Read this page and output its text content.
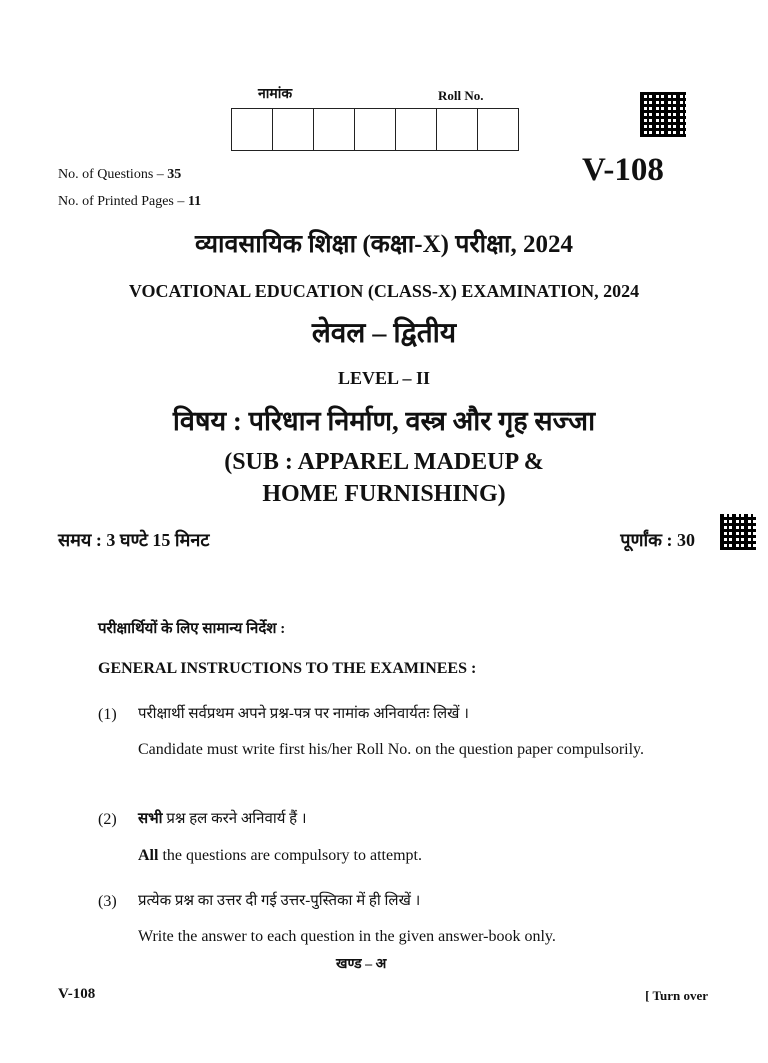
नामांक	Roll No.
V-108
No. of Questions – 35
No. of Printed Pages – 11
व्यावसायिक शिक्षा (कक्षा-X) परीक्षा, 2024
VOCATIONAL EDUCATION (CLASS-X) EXAMINATION, 2024
लेवल – द्वितीय
LEVEL – II
विषय : परिधान निर्माण, वस्त्र और गृह सज्जा
(SUB : APPAREL MADEUP &
HOME FURNISHING)
समय : 3 घण्टे 15 मिनट	पूर्णांक : 30
परीक्षार्थियों के लिए सामान्य निर्देश :
GENERAL INSTRUCTIONS TO THE EXAMINEES :
(1) परीक्षार्थी सर्वप्रथम अपने प्रश्न-पत्र पर नामांक अनिवार्यतः लिखें ।
Candidate must write first his/her Roll No. on the question paper compulsorily.
(2) सभी प्रश्न हल करने अनिवार्य हैं ।
All the questions are compulsory to attempt.
(3) प्रत्येक प्रश्न का उत्तर दी गई उत्तर-पुस्तिका में ही लिखें ।
Write the answer to each question in the given answer-book only.
खण्ड – अ
V-108	[ Turn over
